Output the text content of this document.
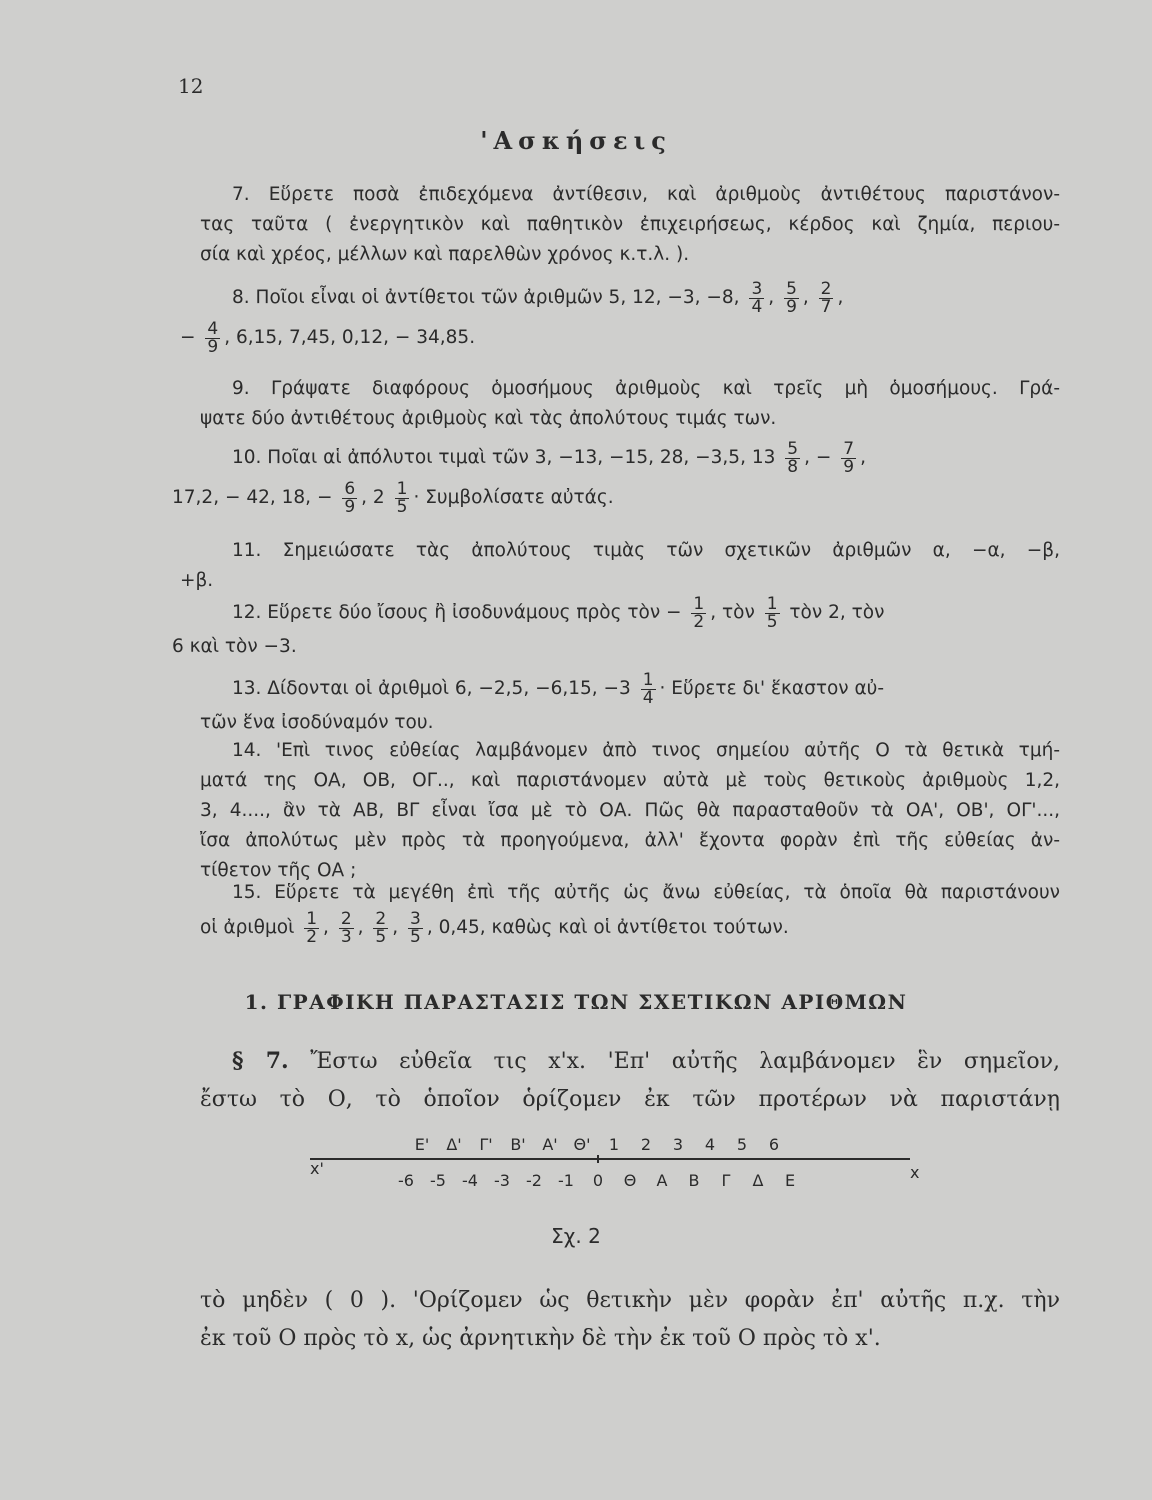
12
'Ασκήσεις
7. Εὕρετε ποσὰ ἐπιδεχόμενα ἀντίθεσιν, καὶ ἀριθμοὺς ἀντιθέτους παριστάνον-
τας ταῦτα ( ἐνεργητικὸν καὶ παθητικὸν ἐπιχειρήσεως, κέρδος καὶ ζημία, περιου-
σία καὶ χρέος, μέλλων καὶ παρελθὼν χρόνος κ.τ.λ. ).
8. Ποῖοι εἶναι οἱ ἀντίθετοι τῶν ἀριθμῶν 5, 12, −3, −8, $\frac{3}{4}$ , $\frac{5}{9}$ , $\frac{2}{7}$ ,
− $\frac{4}{9}$ , 6,15, 7,45, 0,12, − 34,85.
9. Γράψατε διαφόρους ὁμοσήμους ἀριθμοὺς καὶ τρεῖς μὴ ὁμοσήμους. Γρά-
ψατε δύο ἀντιθέτους ἀριθμοὺς καὶ τὰς ἀπολύτους τιμάς των.
10. Ποῖαι αἱ ἀπόλυτοι τιμαὶ τῶν 3, −13, −15, 28, −3,5, $13 \frac{5}{8}$ , − $\frac{7}{9}$ ,
17,2, − 42, 18, − $\frac{6}{9}$ , $2 \frac{1}{5} \cdot \Sigma\upsilon\mu\beta o\lambda ί\sigma\alpha\tau\varepsilon$ αὐτάς.
11. Σημειώσατε τὰς ἀπολύτους τιμὰς τῶν σχετικῶν ἀριθμῶν α, −α, −β,
+β.
12. Εὕρετε δύο ἴσους ἢ ἰσοδυνάμους πρὸς τὸν − $\frac{1}{2}$ , τὸν $\frac{1}{5}$ τὸν 2, τὸν
6 καὶ τὸν −3.
13. Δίδονται οἱ ἀριθμοὶ 6, −2,5, −6,15, $-3 \frac{1}{4}$ · Εὕρετε δι' ἕκαστον αὐ-
τῶν ἕνα ἰσοδύναμόν του.
14. 'Επὶ τινος εὐθείας λαμβάνομεν ἀπὸ τινος σημείου αὐτῆς Ο τὰ θετικὰ τμή-
ματά της ΟΑ, ΟΒ, ΟΓ.., καὶ παριστάνομεν αὐτὰ μὲ τοὺς θετικοὺς ἀριθμοὺς 1,2,
3, 4...., ἂν τὰ ΑΒ, ΒΓ εἶναι ἴσα μὲ τὸ ΟΑ. Πῶς θὰ παρασταθοῦν τὰ ΟΑ', ΟΒ', ΟΓ'...,
ἴσα ἀπολύτως μὲν πρὸς τὰ προηγούμενα, ἀλλ' ἔχοντα φορὰν ἐπὶ τῆς εὐθείας ἀν-
τίθετον τῆς ΟΑ ;
15. Εὕρετε τὰ μεγέθη ἐπὶ τῆς αὐτῆς ὡς ἄνω εὐθείας, τὰ ὁποῖα θὰ παριστάνουν
οἱ ἀριθμοὶ $\frac{1}{2}$ , $\frac{2}{3}$ , $\frac{2}{5}$ , $\frac{3}{5}$ , 0,45, καθὼς καὶ οἱ ἀντίθετοι τούτων.
1. ΓΡΑΦΙΚΗ ΠΑΡΑΣΤΑΣΙΣ ΤΩΝ ΣΧΕΤΙΚΩΝ ΑΡΙΘΜΩΝ
§ 7. Ἔστω εὐθεῖα τις x'x. 'Επ' αὐτῆς λαμβάνομεν ἓν σημεῖον,
ἔστω τὸ Ο, τὸ ὁποῖον ὁρίζομεν ἐκ τῶν προτέρων νὰ παριστάνῃ
Ε' Δ' Γ' Β' Α' Θ' 1 2 3 4 5 6
-6 -5 -4 -3 -2 -1 0 Θ Α Β Γ Δ Ε
x'	x
Σχ. 2
τὸ μηδὲν ( 0 ). 'Ορίζομεν ὡς θετικὴν μὲν φορὰν ἐπ' αὐτῆς π.χ. τὴν
ἐκ τοῦ Ο πρὸς τὸ x, ὡς ἀρνητικὴν δὲ τὴν ἐκ τοῦ Ο πρὸς τὸ x'.
